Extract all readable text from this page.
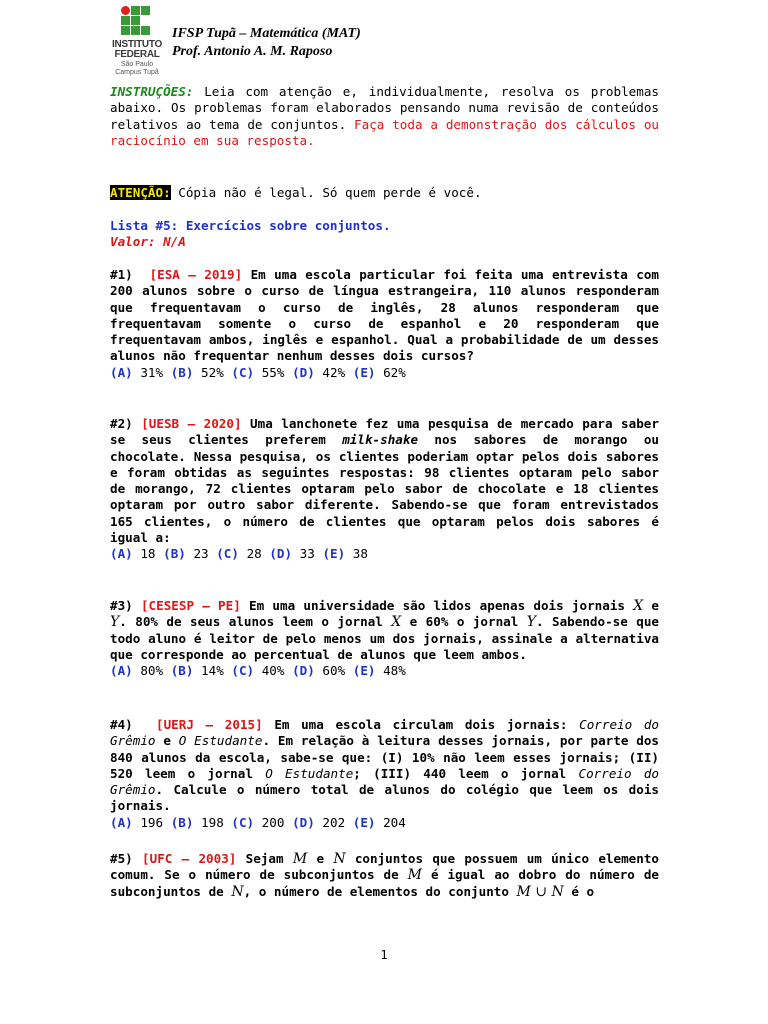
INSTITUTO
FEDERAL
São Paulo
Campus Tupã
IFSP Tupã – Matemática (MAT)
Prof. Antonio A. M. Raposo

INSTRUÇÕES: Leia com atenção e, individualmente, resolva os problemas abaixo. Os problemas foram elaborados pensando numa revisão de conteúdos relativos ao tema de conjuntos. Faça toda a demonstração dos cálculos ou raciocínio em sua resposta.

ATENÇÃO: Cópia não é legal. Só quem perde é você.
Lista #5: Exercícios sobre conjuntos.
Valor: N/A

#1) [ESA – 2019] Em uma escola particular foi feita uma entrevista com 200 alunos sobre o curso de língua estrangeira, 110 alunos responderam que frequentavam o curso de inglês, 28 alunos responderam que frequentavam somente o curso de espanhol e 20 responderam que frequentavam ambos, inglês e espanhol. Qual a probabilidade de um desses alunos não frequentar nenhum desses dois cursos?

(A) 31% (B) 52% (C) 55% (D) 42% (E) 62%

#2) [UESB – 2020] Uma lanchonete fez uma pesquisa de mercado para saber se seus clientes preferem milk-shake nos sabores de morango ou chocolate. Nessa pesquisa, os clientes poderiam optar pelos dois sabores e foram obtidas as seguintes respostas: 98 clientes optaram pelo sabor de morango, 72 clientes optaram pelo sabor de chocolate e 18 clientes optaram por outro sabor diferente. Sabendo-se que foram entrevistados 165 clientes, o número de clientes que optaram pelos dois sabores é igual a:

(A) 18 (B) 23 (C) 28 (D) 33 (E) 38

#3) [CESESP – PE] Em uma universidade são lidos apenas dois jornais X e Y. 80% de seus alunos leem o jornal X e 60% o jornal Y. Sabendo-se que todo aluno é leitor de pelo menos um dos jornais, assinale a alternativa que corresponde ao percentual de alunos que leem ambos.

(A) 80% (B) 14% (C) 40% (D) 60% (E) 48%

#4) [UERJ – 2015] Em uma escola circulam dois jornais: Correio do Grêmio e O Estudante. Em relação à leitura desses jornais, por parte dos 840 alunos da escola, sabe-se que: (I) 10% não leem esses jornais; (II) 520 leem o jornal O Estudante; (III) 440 leem o jornal Correio do Grêmio. Calcule o número total de alunos do colégio que leem os dois jornais.

(A) 196 (B) 198 (C) 200 (D) 202 (E) 204

#5) [UFC – 2003] Sejam M e N conjuntos que possuem um único elemento comum. Se o número de subconjuntos de M é igual ao dobro do número de subconjuntos de N, o número de elementos do conjunto M ∪ N é o

1
